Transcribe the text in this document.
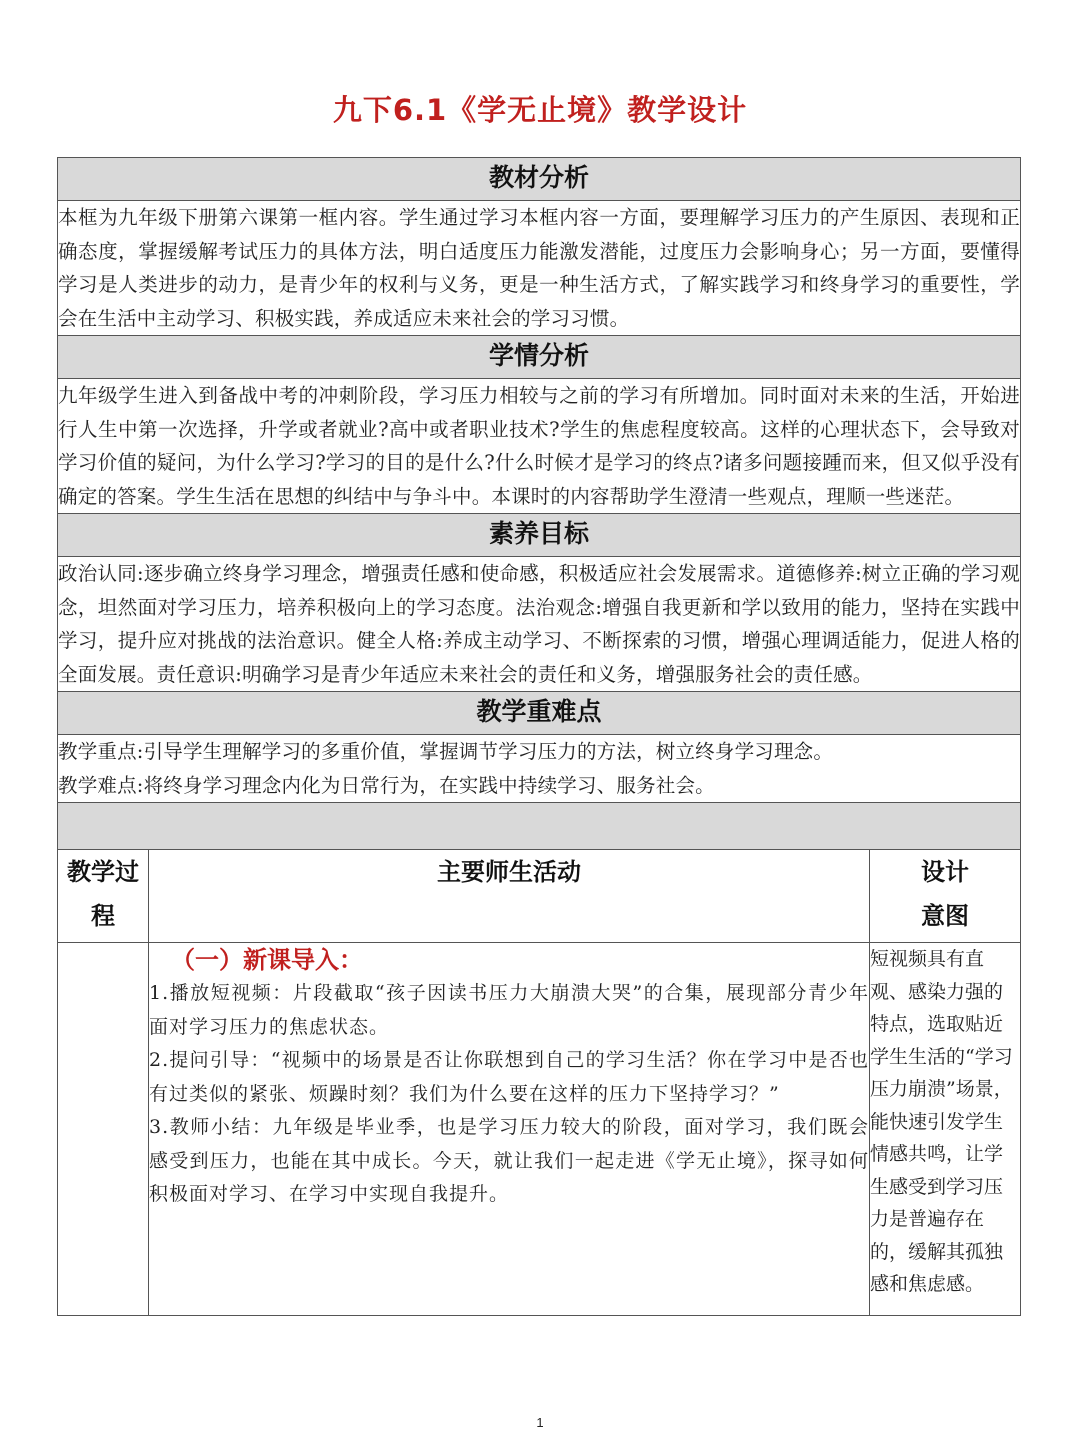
九下6.1《学无止境》教学设计
教材分析		
本框为九年级下册第六课第一框内容。学生通过学习本框内容一方面，要理解学习压力的产生原因、表现和正确态度，掌握缓解考试压力的具体方法，明白适度压力能激发潜能，过度压力会影响身心；另一方面，要懂得学习是人类进步的动力，是青少年的权利与义务，更是一种生活方式，了解实践学习和终身学习的重要性，学会在生活中主动学习、积极实践，养成适应未来社会的学习习惯。		
学情分析		
九年级学生进入到备战中考的冲刺阶段，学习压力相较与之前的学习有所增加。同时面对未来的生活，开始进行人生中第一次选择，升学或者就业?高中或者职业技术?学生的焦虑程度较高。这样的心理状态下，会导致对学习价值的疑问，为什么学习?学习的目的是什么?什么时候才是学习的终点?诸多问题接踵而来，但又似乎没有确定的答案。学生生活在思想的纠结中与争斗中。本课时的内容帮助学生澄清一些观点，理顺一些迷茫。		
素养目标		
政治认同:逐步确立终身学习理念，增强责任感和使命感，积极适应社会发展需求。道德修养:树立正确的学习观念，坦然面对学习压力，培养积极向上的学习态度。法治观念:增强自我更新和学以致用的能力，坚持在实践中学习，提升应对挑战的法治意识。健全人格:养成主动学习、不断探索的习惯，增强心理调适能力，促进人格的全面发展。责任意识:明确学习是青少年适应未来社会的责任和义务，增强服务社会的责任感。		
教学重难点		

教学重点:引导学生理解学习的多重价值，掌握调节学习压力的方法，树立终身学习理念。

教学难点:将终身学习理念内化为日常行为，在实践中持续学习、服务社会。		

教学过程	主要师生活动	设计意图

	（一）新课导入：

1.播放短视频：片段截取“孩子因读书压力大崩溃大哭”的合集，展现部分青少年面对学习压力的焦虑状态。

2.提问引导：“视频中的场景是否让你联想到自己的学习生活？你在学习中是否也有过类似的紧张、烦躁时刻？我们为什么要在这样的压力下坚持学习？”

3.教师小结：九年级是毕业季，也是学习压力较大的阶段，面对学习，我们既会感受到压力，也能在其中成长。今天，就让我们一起走进《学无止境》，探寻如何积极面对学习、在学习中实现自我提升。	短视频具有直观、感染力强的特点，选取贴近学生生活的“学习压力崩溃”场景，能快速引发学生情感共鸣，让学生感受到学习压力是普遍存在的，缓解其孤独感和焦虑感。
1
